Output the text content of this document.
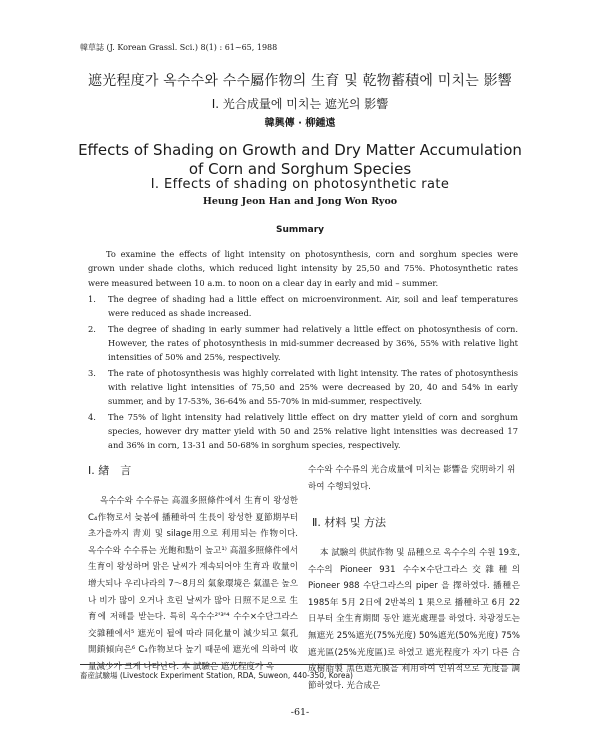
韓草誌 (J. Korean Grassl. Sci.) 8(1) : 61~65, 1988
遮光程度가 옥수수와 수수屬作物의 生育 및 乾物蓄積에 미치는 影響
Ⅰ. 光合成量에 미치는 遮光의 影響
韓興傳 · 柳鍾遠
Effects of Shading on Growth and Dry Matter Accumulation of Corn and Sorghum Species
Ⅰ. Effects of shading on photosynthetic rate
Heung Jeon Han and Jong Won Ryoo
Summary
To examine the effects of light intensity on photosynthesis, corn and sorghum species were grown under shade cloths, which reduced light intensity by 25,50 and 75%. Photosynthetic rates were measured between 10 a.m. to noon on a clear day in early and mid – summer.
1. The degree of shading had a little effect on microenvironment. Air, soil and leaf temperatures were reduced as shade increased.
2. The degree of shading in early summer had relatively a little effect on photosynthesis of corn. However, the rates of photosynthesis in mid-summer decreased by 36%, 55% with relative light intensities of 50% and 25%, respectively.
3. The rate of photosynthesis was highly correlated with light intensity. The rates of photosynthesis with relative light intensities of 75,50 and 25% were decreased by 20, 40 and 54% in early summer, and by 17-53%, 36-64% and 55-70% in mid-summer, respectively.
4. The 75% of light intensity had relatively little effect on dry matter yield of corn and sorghum species, however dry matter yield with 50 and 25% relative light intensities was decreased 17 and 36% in corn, 13-31 and 50-68% in sorghum species, respectively.
Ⅰ. 緖　言
옥수수와 수수류는 高溫多照條件에서 生育이 왕성한 C₄作物로서 늦봄에 播種하여 生長이 왕성한 夏節期부터 초가을까지 靑刈 및 silage用으로 利用되는 作物이다. 옥수수와 수수류는 光飽和點이 높고¹⁾ 高溫多照條件에서 生育이 왕성하며 맑은 날씨가 계속되어야 生育과 收量이 增大되나 우리나라의 7～8月의 氣象環境은 氣溫은 높으나 비가 많이 오거나 흐린 날씨가 많아 日照不足으로 生育에 저해를 받는다. 특히 옥수수²'³'⁴ 수수×수단그라스交雜種에서⁵ 遮光이 될에 따라 同化量이 減少되고 氣孔開鎖傾向은⁶ C₃作物보다 높기 때문에 遮光에 의하여 收量減少가 크게 나타난다. 本 試驗은 遮光程度가 옥
수수와 수수류의 光合成量에 미치는 影響을 究明하기 위하여 수행되었다.
Ⅱ. 材料 및 方法
本 試驗의 供試作物 및 品種으로 옥수수의 수원 19호, 수수의 Pioneer 931 수수×수단그라스交雜種의 Pioneer 988 수단그라스의 piper 을 擇하였다. 播種은 1985年 5月 2日에 2반복의 1 果으로 播種하고 6月 22日부터 全生育期間 동안 遮光處理를 하였다. 차광정도는 無遮光 25%遮光(75%光度) 50%遮光(50%光度) 75%遮光區(25%光度區)로 하였고 遮光程度가 자기 다른 合成樹脂製 黑色遮光膜을 利用하여 인위적으로 光度를 調節하였다. 光合成은
畜産試驗場 (Livestock Experiment Station, RDA, Suweon, 440-350, Korea)
-61-
